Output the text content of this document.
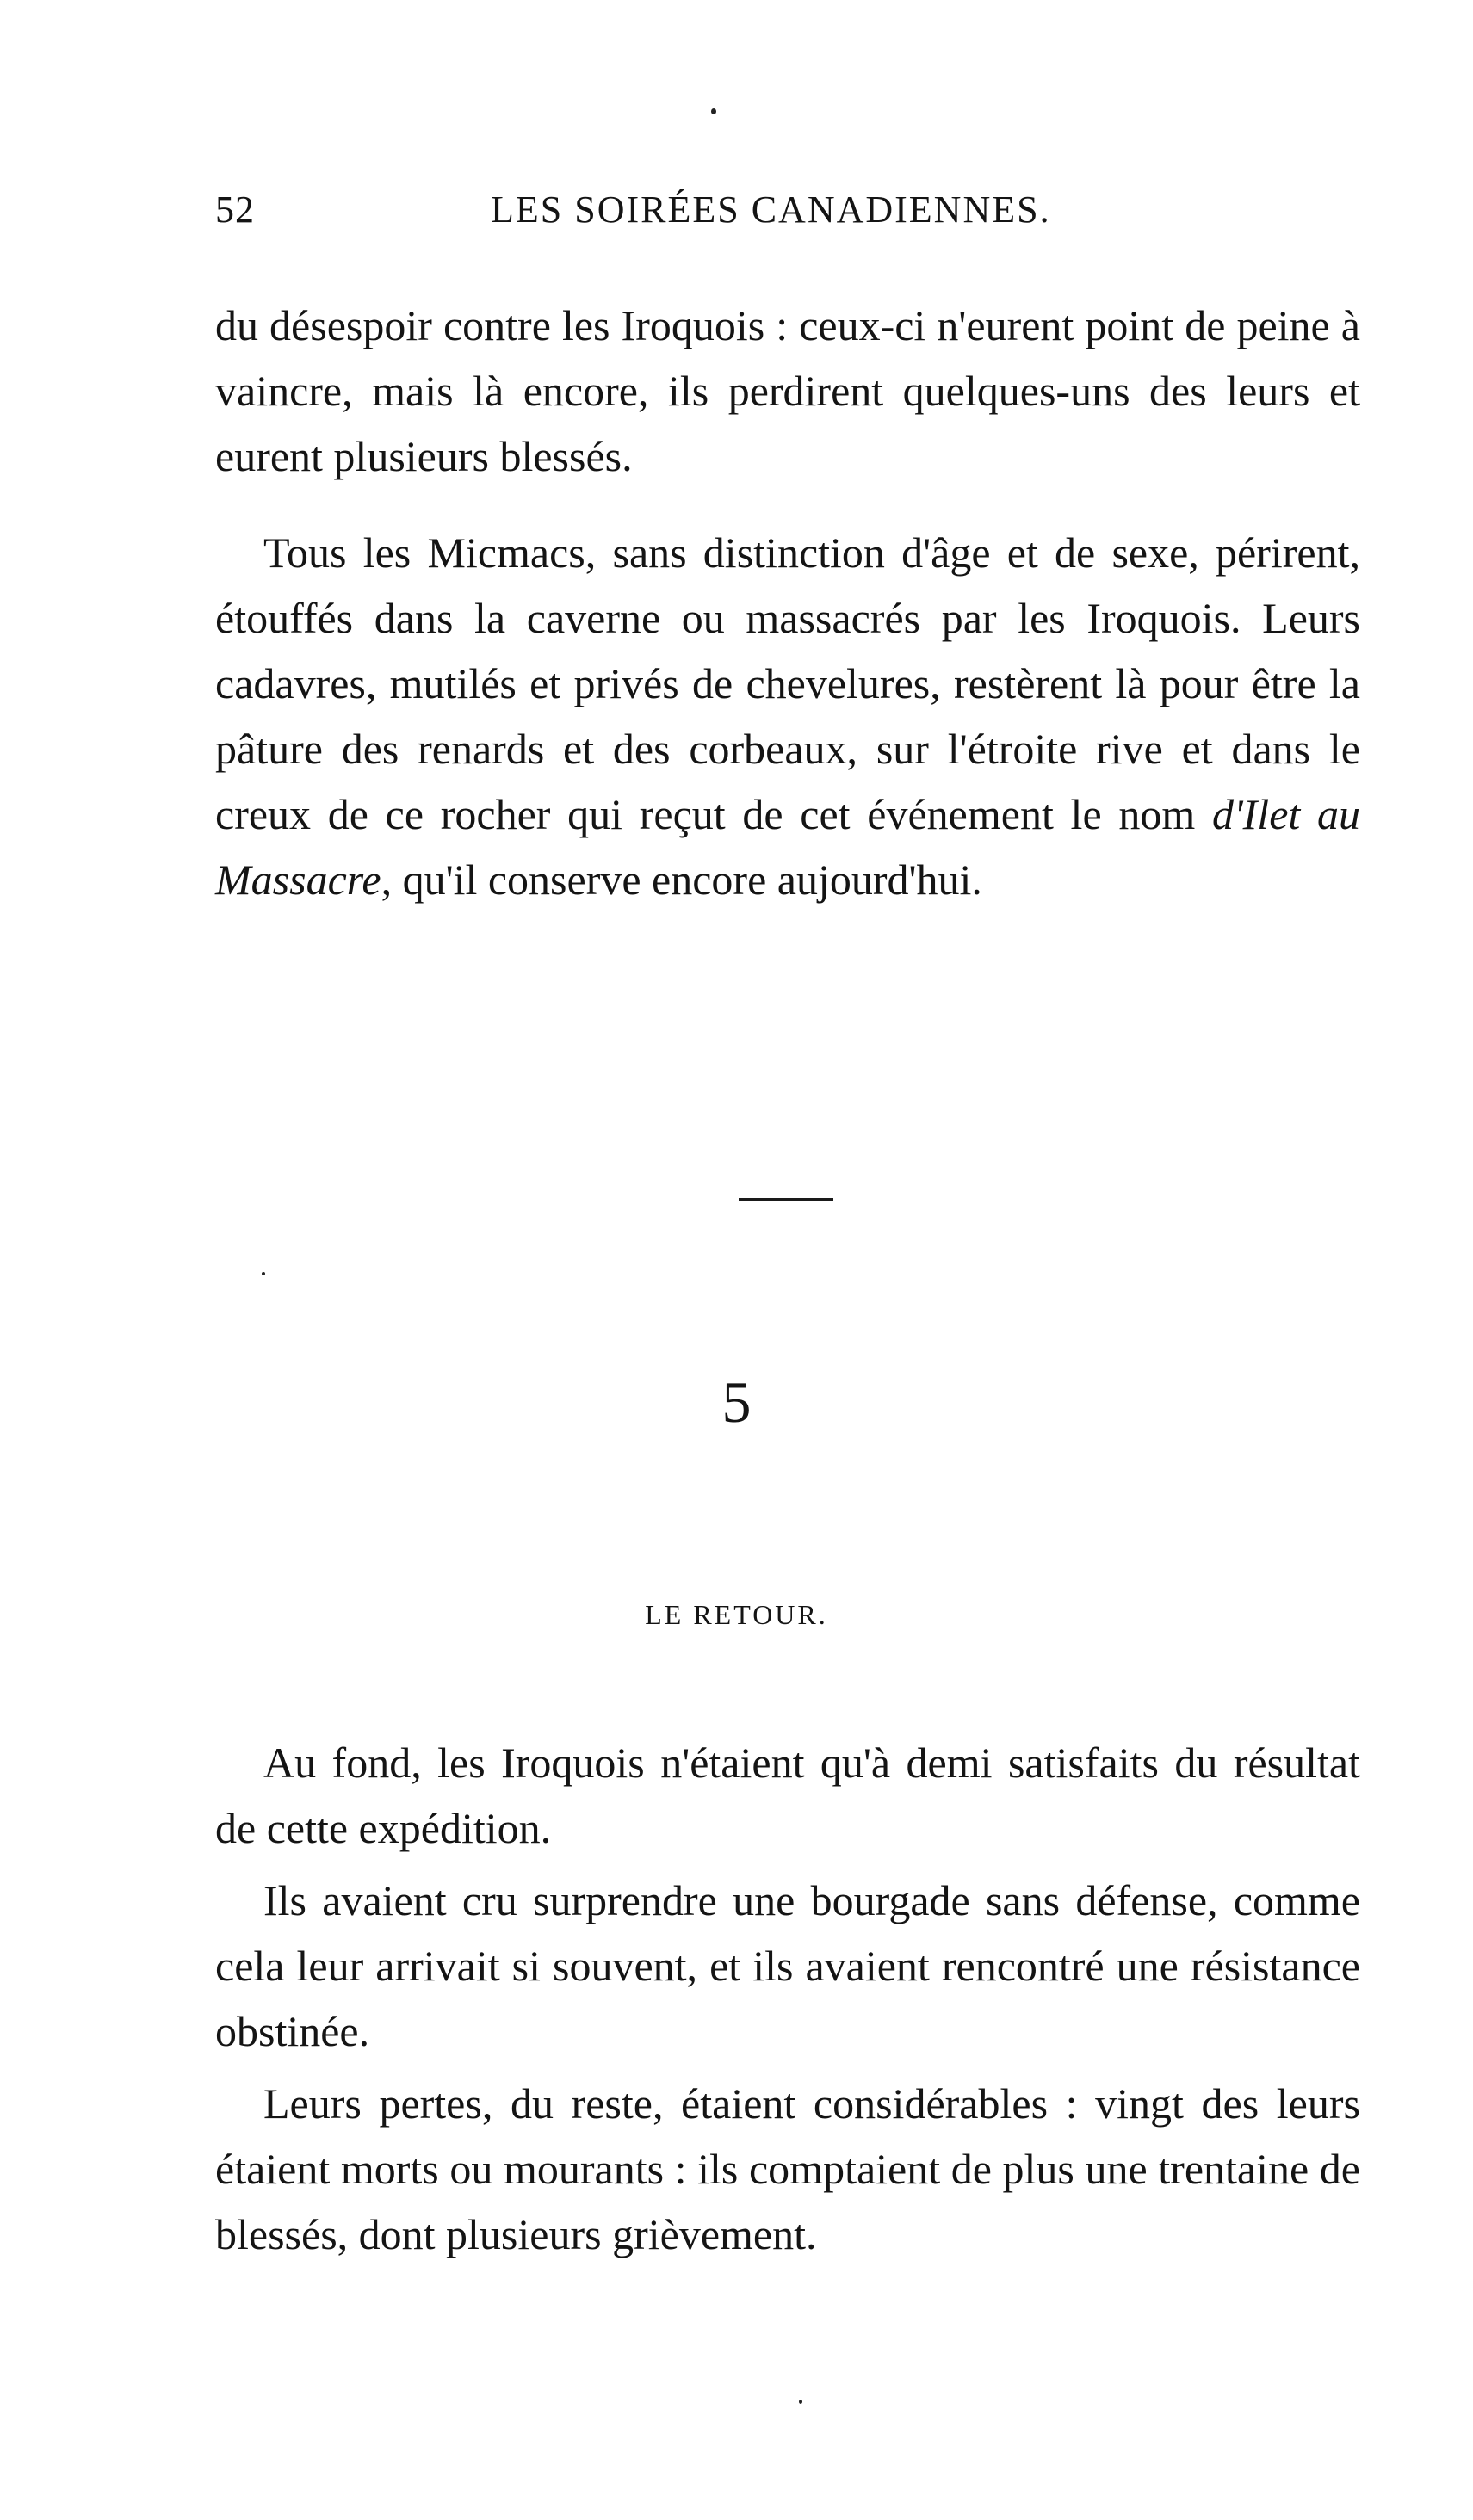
52	LES SOIRÉES CANADIENNES.

du désespoir contre les Iroquois : ceux-ci n'eurent point de peine à vaincre, mais là encore, ils perdirent quelques-uns des leurs et eurent plusieurs blessés.

Tous les Micmacs, sans distinction d'âge et de sexe, périrent, étouffés dans la caverne ou massacrés par les Iroquois. Leurs cadavres, mutilés et privés de chevelures, restèrent là pour être la pâture des renards et des corbeaux, sur l'étroite rive et dans le creux de ce rocher qui reçut de cet événement le nom d'Ilet au Massacre, qu'il conserve encore aujourd'hui.

5
LE RETOUR.

Au fond, les Iroquois n'étaient qu'à demi satisfaits du résultat de cette expédition.

Ils avaient cru surprendre une bourgade sans défense, comme cela leur arrivait si souvent, et ils avaient rencontré une résistance obstinée.

Leurs pertes, du reste, étaient considérables : vingt des leurs étaient morts ou mourants : ils comptaient de plus une trentaine de blessés, dont plusieurs grièvement.
